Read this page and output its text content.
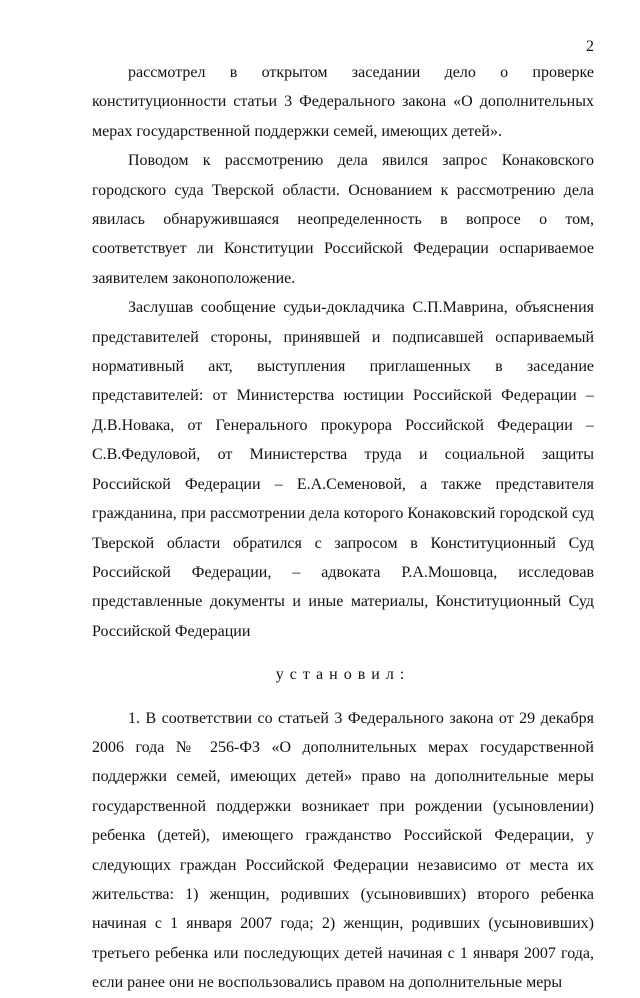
2

рассмотрел в открытом заседании дело о проверке конституционности статьи 3 Федерального закона «О дополнительных мерах государственной поддержки семей, имеющих детей».

Поводом к рассмотрению дела явился запрос Конаковского городского суда Тверской области. Основанием к рассмотрению дела явилась обнаружившаяся неопределенность в вопросе о том, соответствует ли Конституции Российской Федерации оспариваемое заявителем законоположение.

Заслушав сообщение судьи-докладчика С.П.Маврина, объяснения представителей стороны, принявшей и подписавшей оспариваемый нормативный акт, выступления приглашенных в заседание представителей: от Министерства юстиции Российской Федерации – Д.В.Новака, от Генерального прокурора Российской Федерации – С.В.Федуловой, от Министерства труда и социальной защиты Российской Федерации – Е.А.Семеновой, а также представителя гражданина, при рассмотрении дела которого Конаковский городской суд Тверской области обратился с запросом в Конституционный Суд Российской Федерации, – адвоката Р.А.Мошовца, исследовав представленные документы и иные материалы, Конституционный Суд Российской Федерации

установил:

1. В соответствии со статьей 3 Федерального закона от 29 декабря 2006 года № 256-ФЗ «О дополнительных мерах государственной поддержки семей, имеющих детей» право на дополнительные меры государственной поддержки возникает при рождении (усыновлении) ребенка (детей), имеющего гражданство Российской Федерации, у следующих граждан Российской Федерации независимо от места их жительства: 1) женщин, родивших (усыновивших) второго ребенка начиная с 1 января 2007 года; 2) женщин, родивших (усыновивших) третьего ребенка или последующих детей начиная с 1 января 2007 года, если ранее они не воспользовались правом на дополнительные меры
